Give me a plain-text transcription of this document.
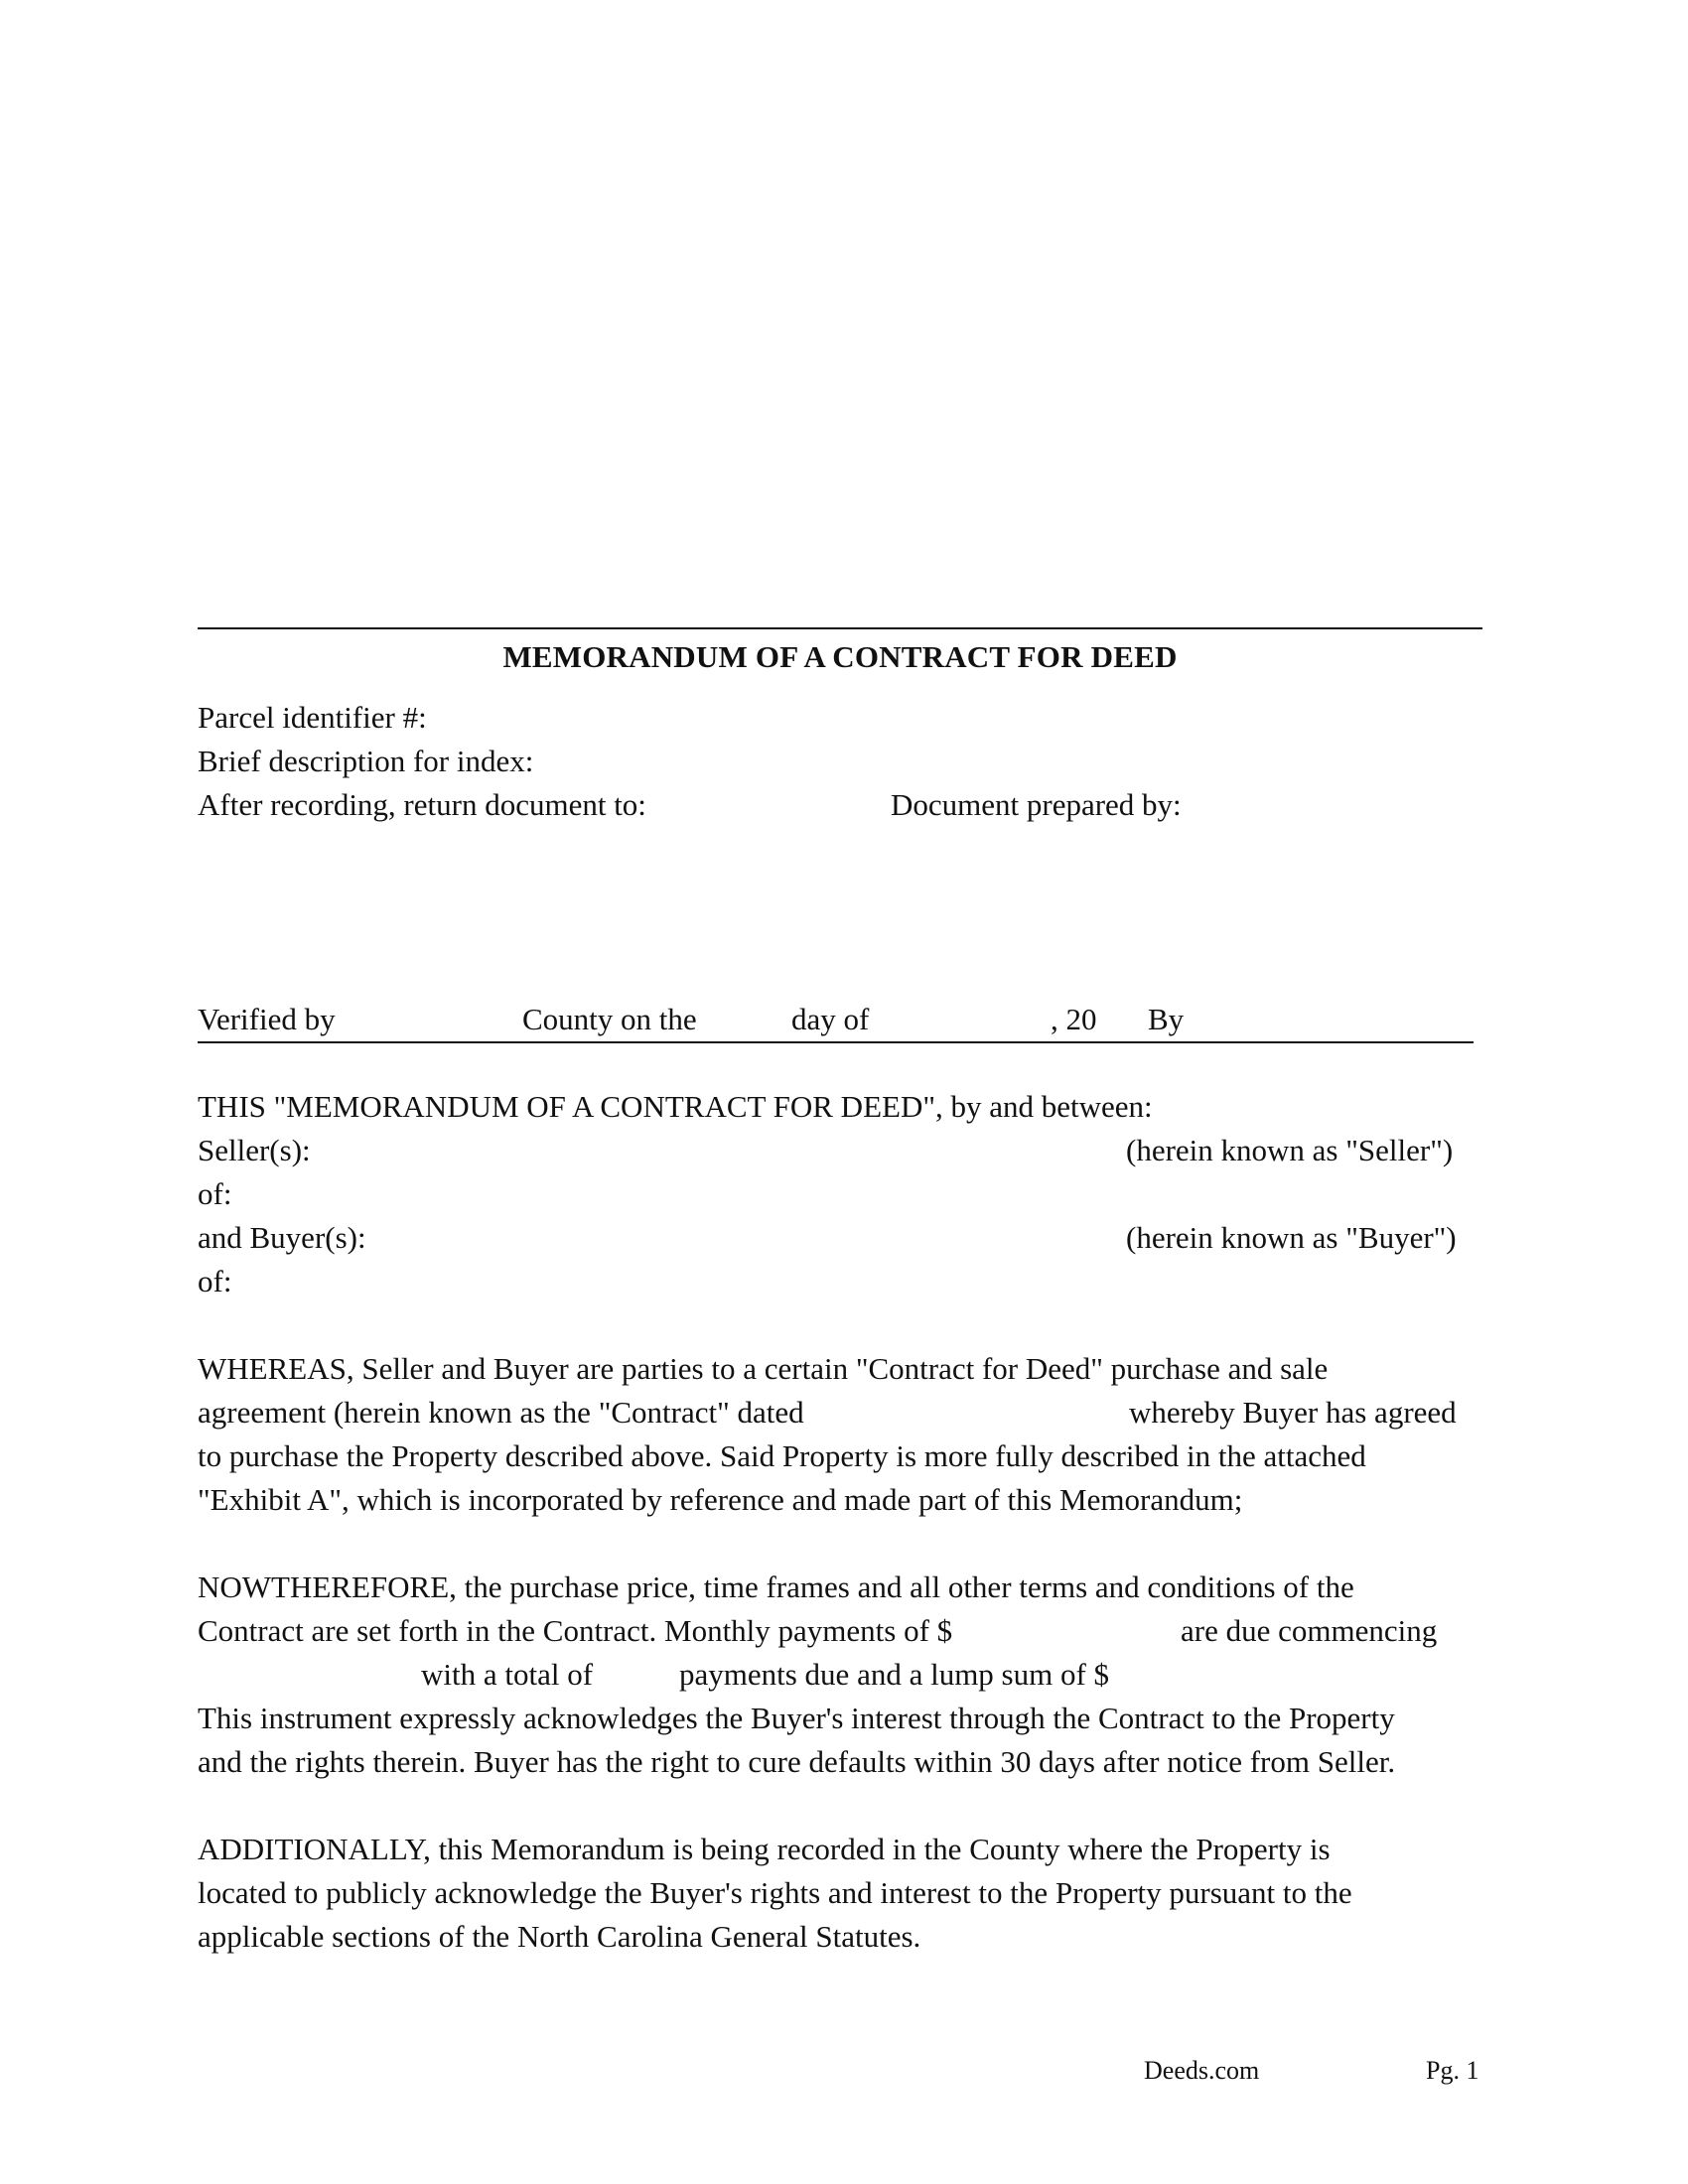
MEMORANDUM OF A CONTRACT FOR DEED
Parcel identifier #:
Brief description for index:
After recording, return document to:	Document prepared by:
Verified by	County on the	day of	, 20 By
THIS "MEMORANDUM OF A CONTRACT FOR DEED", by and between:
Seller(s):	(herein known as "Seller")
of:
and Buyer(s):	(herein known as "Buyer")
of:
WHEREAS, Seller and Buyer are parties to a certain "Contract for Deed" purchase and sale
agreement (herein known as the "Contract" dated	whereby Buyer has agreed
to purchase the Property described above. Said Property is more fully described in the attached
"Exhibit A", which is incorporated by reference and made part of this Memorandum;
NOWTHEREFORE, the purchase price, time frames and all other terms and conditions of the
Contract are set forth in the Contract. Monthly payments of $	are due commencing
with a total of	payments due and a lump sum of $
This instrument expressly acknowledges the Buyer's interest through the Contract to the Property
and the rights therein. Buyer has the right to cure defaults within 30 days after notice from Seller.
ADDITIONALLY, this Memorandum is being recorded in the County where the Property is
located to publicly acknowledge the Buyer's rights and interest to the Property pursuant to the
applicable sections of the North Carolina General Statutes.
Deeds.com	Pg. 1
